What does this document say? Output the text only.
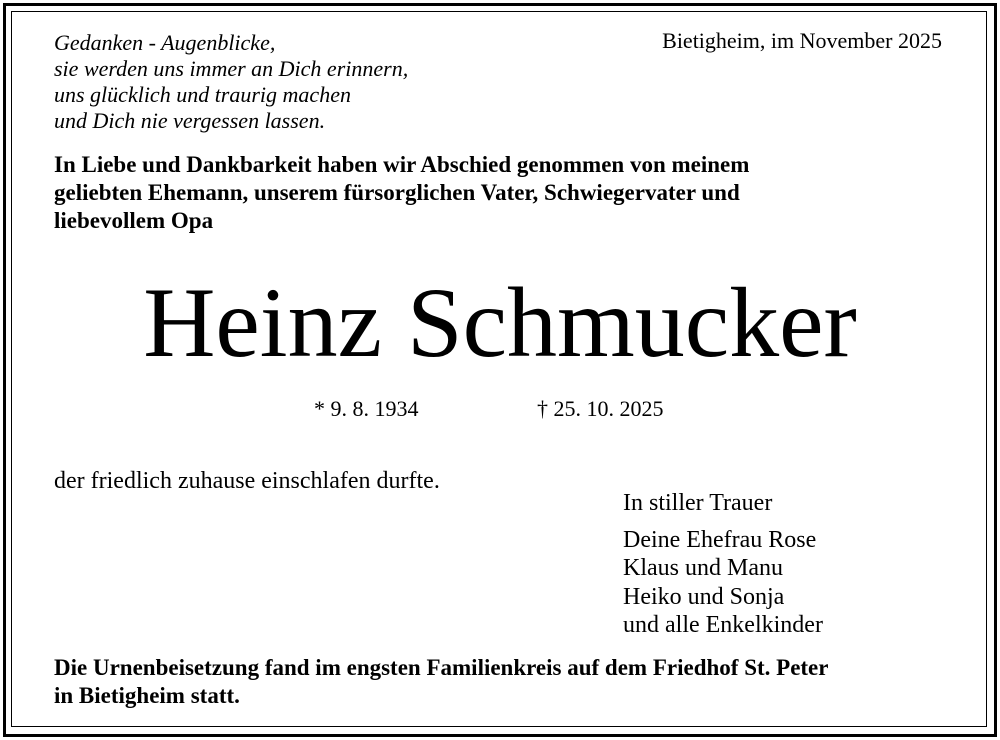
Gedanken - Augenblicke,
sie werden uns immer an Dich erinnern,
uns glücklich und traurig machen
und Dich nie vergessen lassen.
Bietigheim, im November 2025
In Liebe und Dankbarkeit haben wir Abschied genommen von meinem
geliebten Ehemann, unserem fürsorglichen Vater, Schwiegervater und
liebevollem Opa
Heinz Schmucker
* 9. 8. 1934	† 25. 10. 2025
der friedlich zuhause einschlafen durfte.
In stiller Trauer
Deine Ehefrau Rose
Klaus und Manu
Heiko und Sonja
und alle Enkelkinder
Die Urnenbeisetzung fand im engsten Familienkreis auf dem Friedhof St. Peter
in Bietigheim statt.
